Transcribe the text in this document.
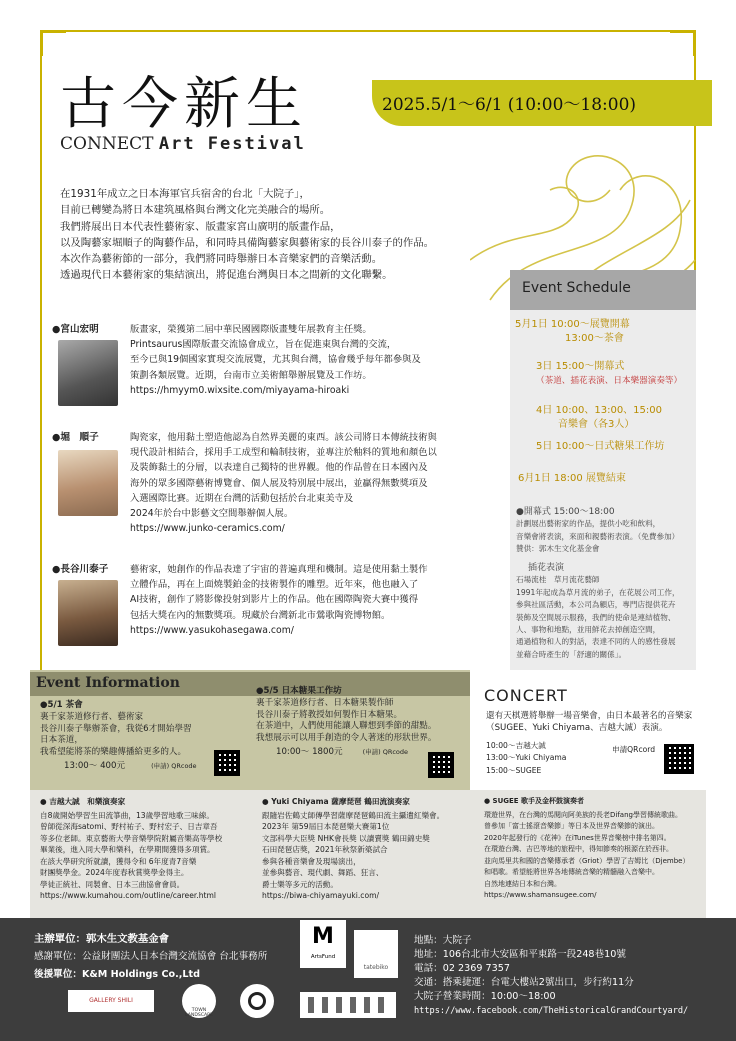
古今新生	2025.5/1～6/1 (10:00～18:00)
CONNECT Art Festival
在1931年成立之日本海軍官兵宿舍的台北「大院子」，
目前已轉變為將日本建筑風格與台灣文化完美融合的場所。
我們將展出日本代表性藝術家、版畫家宮山廣明的版畫作品，
以及陶藝家堀順子的陶藝作品，和同時具備陶藝家與藝術家的長谷川泰子的作品。
本次作為藝術節的一部分，我們將同時舉辦日本音樂家們的音樂活動。
透過現代日本藝術家的集結演出，將促進台灣與日本之間新的文化聯繫。
●宮山宏明	版畫家，榮獲第二屆中華民國國際版畫雙年展教育主任獎。
Printsaurus國際版畫交流協會成立，旨在促進東與台灣的交流，
至今已與19個國家實現交流展覽，尤其與台灣，協會幾乎每年都參與及
策劃各類展覽。近期，台南市立美術館舉辦展覽及工作坊。
https://hmyym0.wixsite.com/miyayama-hiroaki
●堀　順子	陶瓷家，他用黏土塑造他認為自然界美麗的東西。該公司將日本傳統技術與
現代設計相結合，採用手工成型和輪制技術，並專注於釉料的質地和顏色以
及裝飾黏土的分層，以表達自己獨特的世界觀。他的作品曾在日本國內及
海外的眾多國際藝術博覽會、個人展及特別展中展出，並贏得無數獎項及
入選國際比賽。近期在台灣的活動包括於台北東美寺及
2024年於台中影藝文空間舉辦個人展。
https://www.junko-ceramics.com/
●長谷川泰子 藝術家，她創作的作品表達了宇宙的普遍真理和機制。這是使用黏土製作
立體作品，再在上面燒製鉑金的技術製作的雕塑。近年來，他也融入了
AI技術，創作了將影像投射到影片上的作品。他在國際陶瓷大賽中獲得
包括大獎在內的無數獎項。現藏於台灣新北市鶯歌陶瓷博物館。
https://www.yasukohasegawa.com/
Event Schedule
5月1日 10:00～展覽開幕
13:00～茶會
3日 15:00～開幕式
（茶道、插花表演、日本樂器演奏等）
4日 10:00、13:00、15:00
音樂會（各3人）
5日 10:00～日式糖果工作坊
6月1日 18:00 展覽結束
●開幕式 15:00～18:00
計劃展出藝術家的作品，提供小吃和飲料，
音樂會將表演，來面和親藝術表演。（免費參加）
贊供：郭木生文化基金會
插花表演
石場流桂　草月流花藝師
1991年起成為草月流的弟子，在花展公司工作，
參與社區活動，本公司為顧店，專門店提供花卉
裝飾及空間展示服務，我們的使命是連結植物、
人、事物和地點，並用鮮花去掉創造空間，
通過植物和人的對話，表達不同的人的感性發展
並藉合時產生的「舒適的關係」。
Event Information
●5/1 茶會
裏千家茶道修行者、藝術家
長谷川泰子舉辦茶會，我從6才開始學習
日本茶道，
我希望能將茶的樂趣傳播給更多的人。
13:00～ 400元	(申請) QRcode
●5/5 日本糖果工作坊
裏千家茶道修行者、日本糖果製作師
長谷川泰子將教授如何製作日本糖果。
在茶道中，人們使用能讓人聯想到季節的甜點。
我想展示可以用手創造的令人著迷的形狀世界。
10:00～ 1800元	(申請) QRcode
CONCERT
還有天棋選將舉辦一場音樂會，由日本最著名的音樂家（SUGEE、Yuki Chiyama、吉越大誠）表演。
10:00～吉越大誠
13:00～Yuki Chiyama
15:00～SUGEE
申請QRcord
● 吉越大誠　和樂演奏家
自8歲開始學習生田流箏曲，13歲學習地歌三味線。
曾師從深海satomi、野村祐子、野村宏子、日吉章吾
等多位老師。東京藝術大學音樂學院附屬音樂高等學校
畢業後，進入同大學和樂科，在學期間獲得多項賞。
在該大學研究所就讀，獲得令和 6年度青7音樂
財團獎學金。2024年度春秋賞獎學金得主。
學徒正統社、同製會、日本三曲協會會員。
https://www.kumahou.com/outline/career.html
● Yuki Chiyama 薩摩琵琶 鶴田流演奏家
跟隨岩佐鶴丈師傳學習薩摩琵琶鶴田流主攝遺紅樂會。
2023年 第59屆日本琵琶樂大賽第1位
文部科學大臣獎 NHK會長獎 以讀賣獎 鶴田錦史獎
石田琵琶店獎，2021年秋祭新築試合
參與各種音樂會及現場演出，
並參與藝音、現代劇、舞蹈、狂言、
爵士樂等多元的活動。
https://biwa-chiyamayuki.com/
● SUGEE 歌手及金杯鼓演奏者
環遊世界，在台灣的馬閱向阿美族的長老Difang學習傳統歌曲。
曾參加「富士搖滾音樂節」等日本及世界音樂節的演出。
2020年起發行的《花神》在iTunes世界音樂榜中排名第四。
在環遊台灣、吉巴等地的旅程中，得知節奏的根源在於西非。
並向馬里共和國的音樂傳承者（Griot）學習了吉姆比（Djembe）
和唱歌。希望能將世界各地傳統音樂的精髓融入音樂中。
自然地連結日本和台灣。
https://www.shamansugee.com/
主辦單位：郭木生文教基金會
感謝單位：公益財團法人日本台灣交流協會 台北事務所
後援單位：K&M Holdings Co.,Ltd
GALLERY SHILI
TOWN LANDSCAPE
M
ArtsFund
tatebiko
地點：大院子
地址：106台北市大安區和平東路一段248巷10號
電話：02 2369 7357
交通：搭乘捷運：台電大樓站2號出口，步行約11分
大院子營業時間：10:00～18:00
https://www.facebook.com/TheHistoricalGrandCourtyard/
